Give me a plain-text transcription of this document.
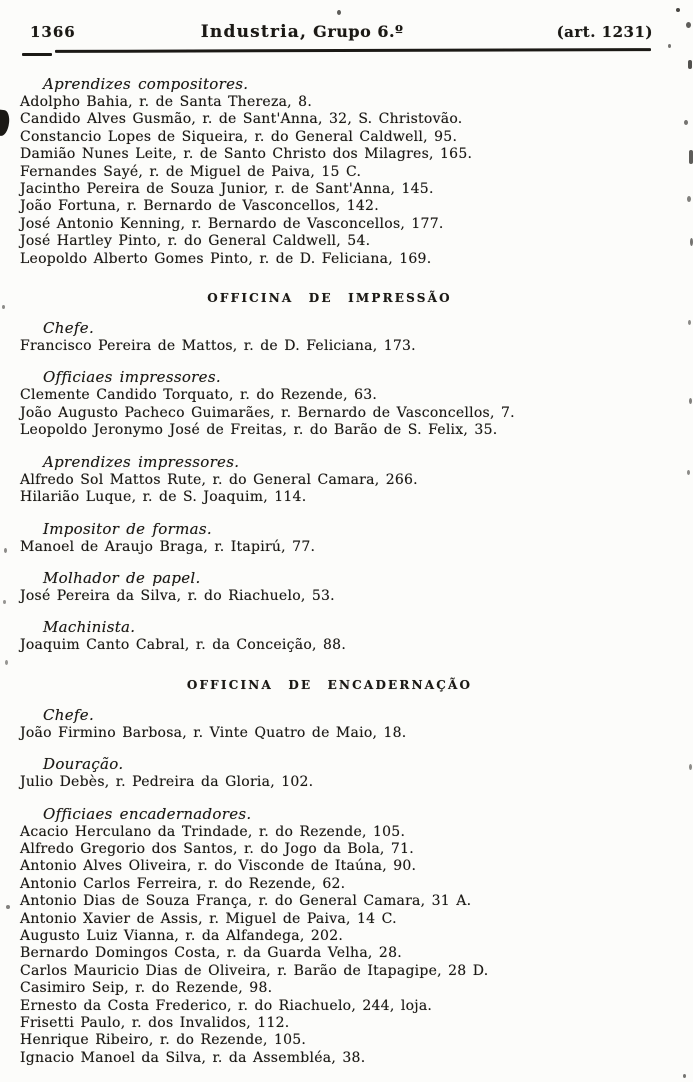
1366	Industria, Grupo 6.º	(art. 1231)
Aprendizes compositores.
Adolpho Bahia, r. de Santa Thereza, 8.
Candido Alves Gusmão, r. de Sant'Anna, 32, S. Christovão.
Constancio Lopes de Siqueira, r. do General Caldwell, 95.
Damião Nunes Leite, r. de Santo Christo dos Milagres, 165.
Fernandes Sayé, r. de Miguel de Paiva, 15 C.
Jacintho Pereira de Souza Junior, r. de Sant'Anna, 145.
João Fortuna, r. Bernardo de Vasconcellos, 142.
José Antonio Kenning, r. Bernardo de Vasconcellos, 177.
José Hartley Pinto, r. do General Caldwell, 54.
Leopoldo Alberto Gomes Pinto, r. de D. Feliciana, 169.
OFFICINA DE IMPRESSÃO
Chefe.
Francisco Pereira de Mattos, r. de D. Feliciana, 173.
Officiaes impressores.
Clemente Candido Torquato, r. do Rezende, 63.
João Augusto Pacheco Guimarães, r. Bernardo de Vasconcellos, 7.
Leopoldo Jeronymo José de Freitas, r. do Barão de S. Felix, 35.
Aprendizes impressores.
Alfredo Sol Mattos Rute, r. do General Camara, 266.
Hilarião Luque, r. de S. Joaquim, 114.
Impositor de formas.
Manoel de Araujo Braga, r. Itapirú, 77.
Molhador de papel.
José Pereira da Silva, r. do Riachuelo, 53.
Machinista.
Joaquim Canto Cabral, r. da Conceição, 88.
OFFICINA DE ENCADERNAÇÃO
Chefe.
João Firmino Barbosa, r. Vinte Quatro de Maio, 18.
Douração.
Julio Debès, r. Pedreira da Gloria, 102.
Officiaes encadernadores.
Acacio Herculano da Trindade, r. do Rezende, 105.
Alfredo Gregorio dos Santos, r. do Jogo da Bola, 71.
Antonio Alves Oliveira, r. do Visconde de Itaúna, 90.
Antonio Carlos Ferreira, r. do Rezende, 62.
Antonio Dias de Souza França, r. do General Camara, 31 A.
Antonio Xavier de Assis, r. Miguel de Paiva, 14 C.
Augusto Luiz Vianna, r. da Alfandega, 202.
Bernardo Domingos Costa, r. da Guarda Velha, 28.
Carlos Mauricio Dias de Oliveira, r. Barão de Itapagipe, 28 D.
Casimiro Seip, r. do Rezende, 98.
Ernesto da Costa Frederico, r. do Riachuelo, 244, loja.
Frisetti Paulo, r. dos Invalidos, 112.
Henrique Ribeiro, r. do Rezende, 105.
Ignacio Manoel da Silva, r. da Assembléa, 38.
